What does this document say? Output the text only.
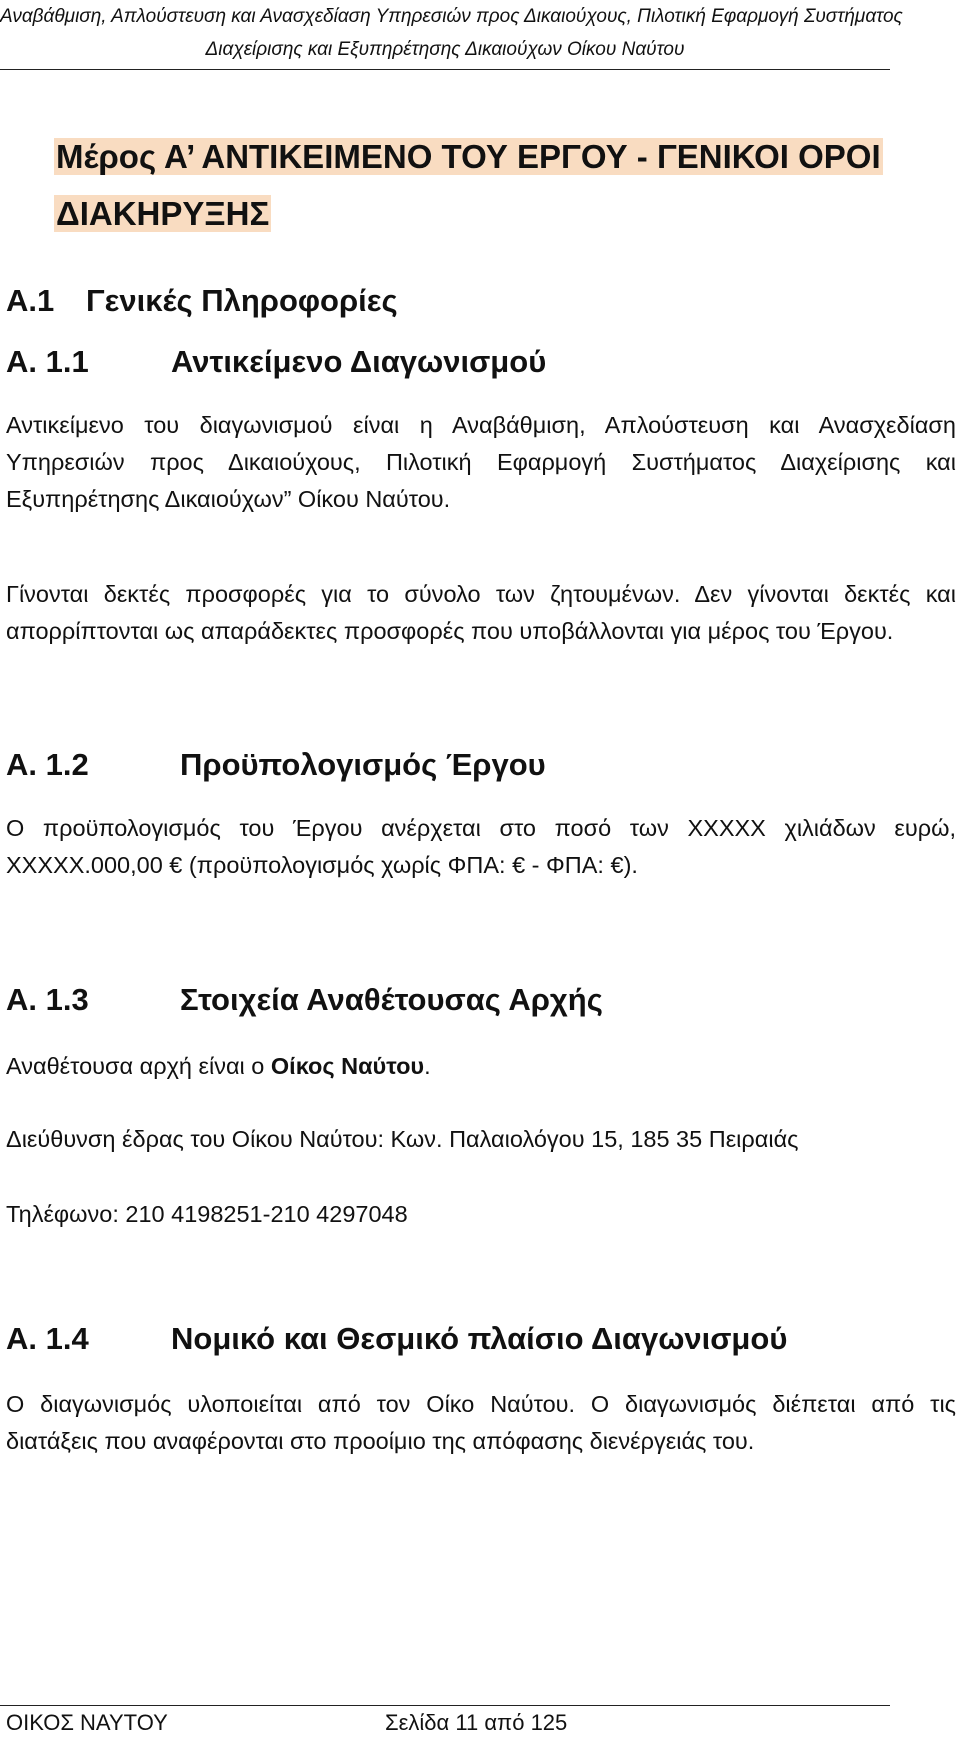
Αναβάθμιση, Απλούστευση και Ανασχεδίαση Υπηρεσιών προς Δικαιούχους, Πιλοτική Εφαρμογή Συστήματος
Διαχείρισης και Εξυπηρέτησης Δικαιούχων Οίκου Ναύτου
Μέρος Α’ ΑΝΤΙΚΕΙΜΕΝΟ ΤΟΥ ΕΡΓΟΥ - ΓΕΝΙΚΟΙ ΟΡΟΙ
ΔΙΑΚΗΡΥΞΗΣ
Α.1 Γενικές Πληροφορίες
Α. 1.1	Αντικείμενο Διαγωνισμού
Αντικείμενο του διαγωνισμού είναι η Αναβάθμιση, Απλούστευση και Ανασχεδίαση
Υπηρεσιών προς Δικαιούχους, Πιλοτική Εφαρμογή Συστήματος Διαχείρισης και
Εξυπηρέτησης Δικαιούχων” Οίκου Ναύτου.
Γίνονται δεκτές προσφορές για το σύνολο των ζητουμένων. Δεν γίνονται δεκτές και
απορρίπτονται ως απαράδεκτες προσφορές που υποβάλλονται για μέρος του Έργου.
Α. 1.2	Προϋπολογισμός Έργου
Ο προϋπολογισμός του Έργου ανέρχεται στο ποσό των ΧΧΧΧΧ χιλιάδων ευρώ,
ΧΧΧΧΧ.000,00 € (προϋπολογισμός χωρίς ΦΠΑ: € - ΦΠΑ: €).
Α. 1.3	Στοιχεία Αναθέτουσας Αρχής
Αναθέτουσα αρχή είναι ο Οίκος Ναύτου.
Διεύθυνση έδρας του Οίκου Ναύτου: Κων. Παλαιολόγου 15, 185 35 Πειραιάς
Τηλέφωνο: 210 4198251-210 4297048
Α. 1.4	Νομικό και Θεσμικό πλαίσιο Διαγωνισμού
Ο διαγωνισμός υλοποιείται από τον Οίκο Ναύτου. Ο διαγωνισμός διέπεται από τις
διατάξεις που αναφέρονται στο προοίμιο της απόφασης διενέργειάς του.
ΟΙΚΟΣ ΝΑΥΤΟΥ	Σελίδα 11 από 125
